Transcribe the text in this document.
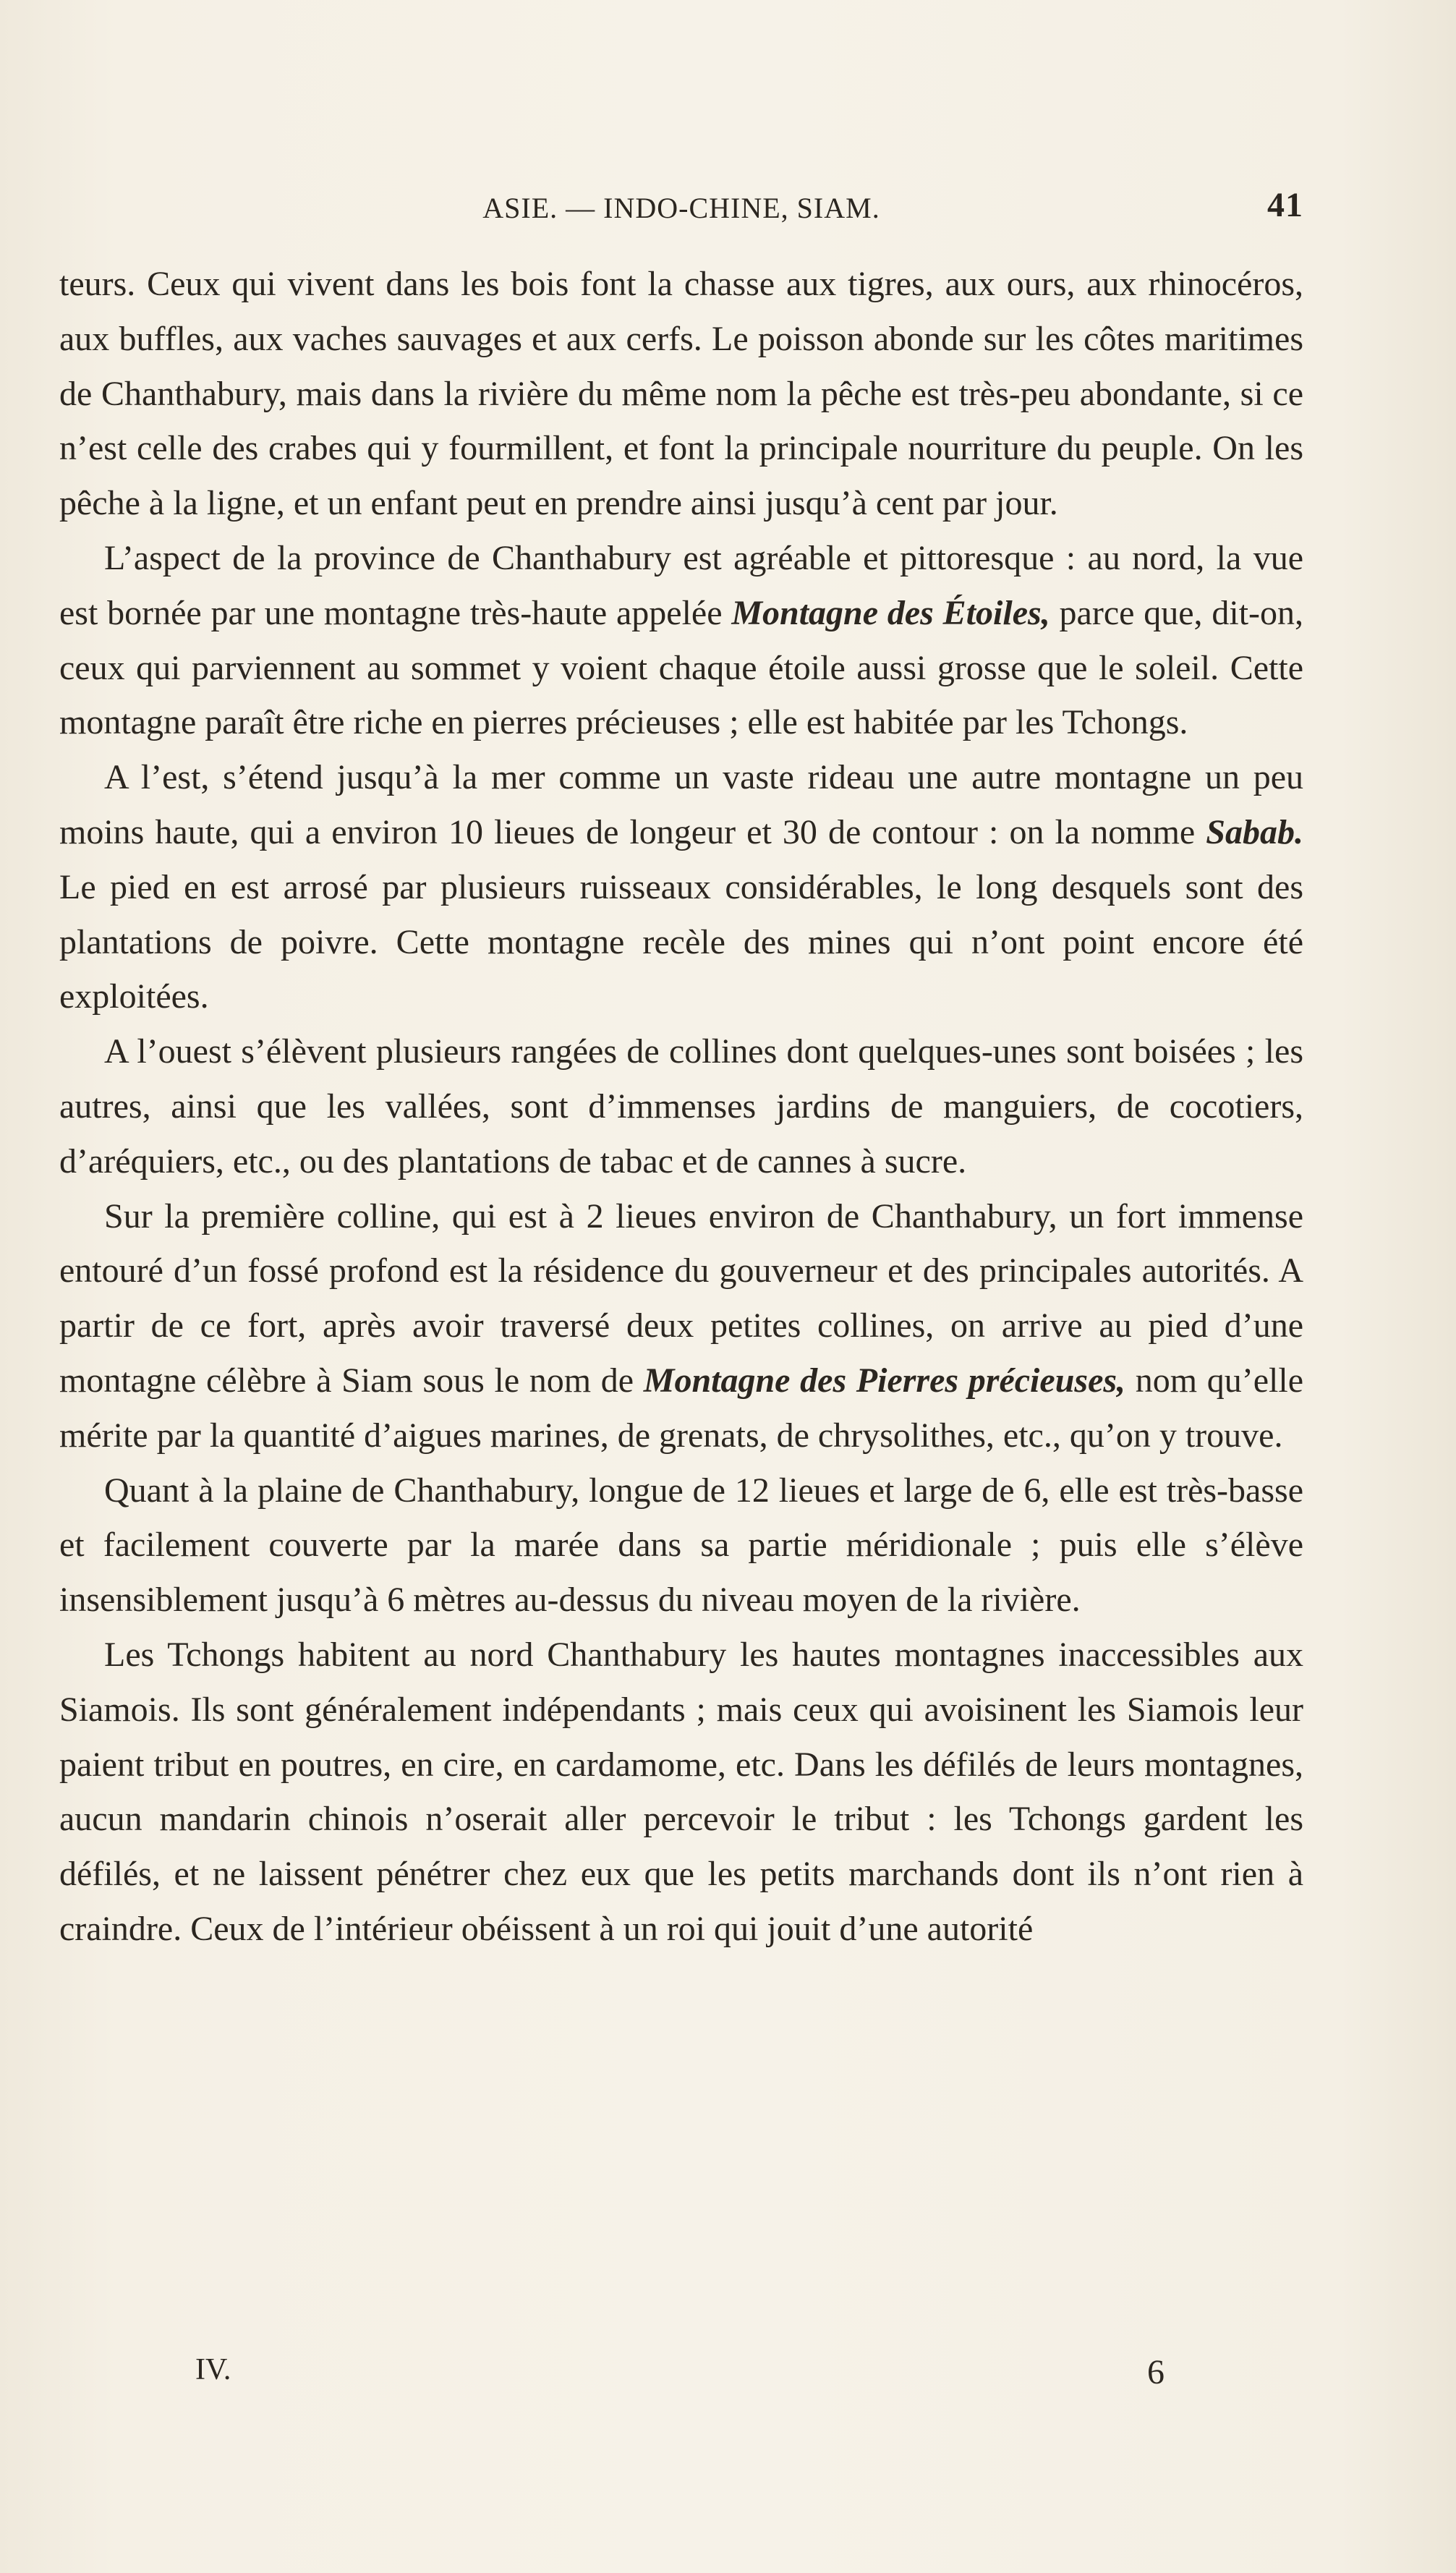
ASIE. — INDO-CHINE, SIAM.	41

teurs. Ceux qui vivent dans les bois font la chasse aux tigres, aux ours, aux rhinocéros, aux buffles, aux vaches sauvages et aux cerfs. Le poisson abonde sur les côtes maritimes de Chanthabury, mais dans la rivière du même nom la pêche est très-peu abondante, si ce n’est celle des crabes qui y fourmillent, et font la principale nourriture du peuple. On les pêche à la ligne, et un enfant peut en prendre ainsi jusqu’à cent par jour.

L’aspect de la province de Chanthabury est agréable et pittoresque : au nord, la vue est bornée par une montagne très-haute appelée Montagne des Étoiles, parce que, dit-on, ceux qui parviennent au sommet y voient chaque étoile aussi grosse que le soleil. Cette montagne paraît être riche en pierres précieuses ; elle est habitée par les Tchongs.

A l’est, s’étend jusqu’à la mer comme un vaste rideau une autre montagne un peu moins haute, qui a environ 10 lieues de longeur et 30 de contour : on la nomme Sabab. Le pied en est arrosé par plusieurs ruisseaux considérables, le long desquels sont des plantations de poivre. Cette montagne recèle des mines qui n’ont point encore été exploitées.

A l’ouest s’élèvent plusieurs rangées de collines dont quelques-unes sont boisées ; les autres, ainsi que les vallées, sont d’immenses jardins de manguiers, de cocotiers, d’aréquiers, etc., ou des plantations de tabac et de cannes à sucre.

Sur la première colline, qui est à 2 lieues environ de Chanthabury, un fort immense entouré d’un fossé profond est la résidence du gouverneur et des principales autorités. A partir de ce fort, après avoir traversé deux petites collines, on arrive au pied d’une montagne célèbre à Siam sous le nom de Montagne des Pierres précieuses, nom qu’elle mérite par la quantité d’aigues marines, de grenats, de chrysolithes, etc., qu’on y trouve.

Quant à la plaine de Chanthabury, longue de 12 lieues et large de 6, elle est très-basse et facilement couverte par la marée dans sa partie méridionale ; puis elle s’élève insensiblement jusqu’à 6 mètres au-dessus du niveau moyen de la rivière.

Les Tchongs habitent au nord Chanthabury les hautes montagnes inaccessibles aux Siamois. Ils sont généralement indépendants ; mais ceux qui avoisinent les Siamois leur paient tribut en poutres, en cire, en cardamome, etc. Dans les défilés de leurs montagnes, aucun mandarin chinois n’oserait aller percevoir le tribut : les Tchongs gardent les défilés, et ne laissent pénétrer chez eux que les petits marchands dont ils n’ont rien à craindre. Ceux de l’intérieur obéissent à un roi qui jouit d’une autorité

IV.	6
